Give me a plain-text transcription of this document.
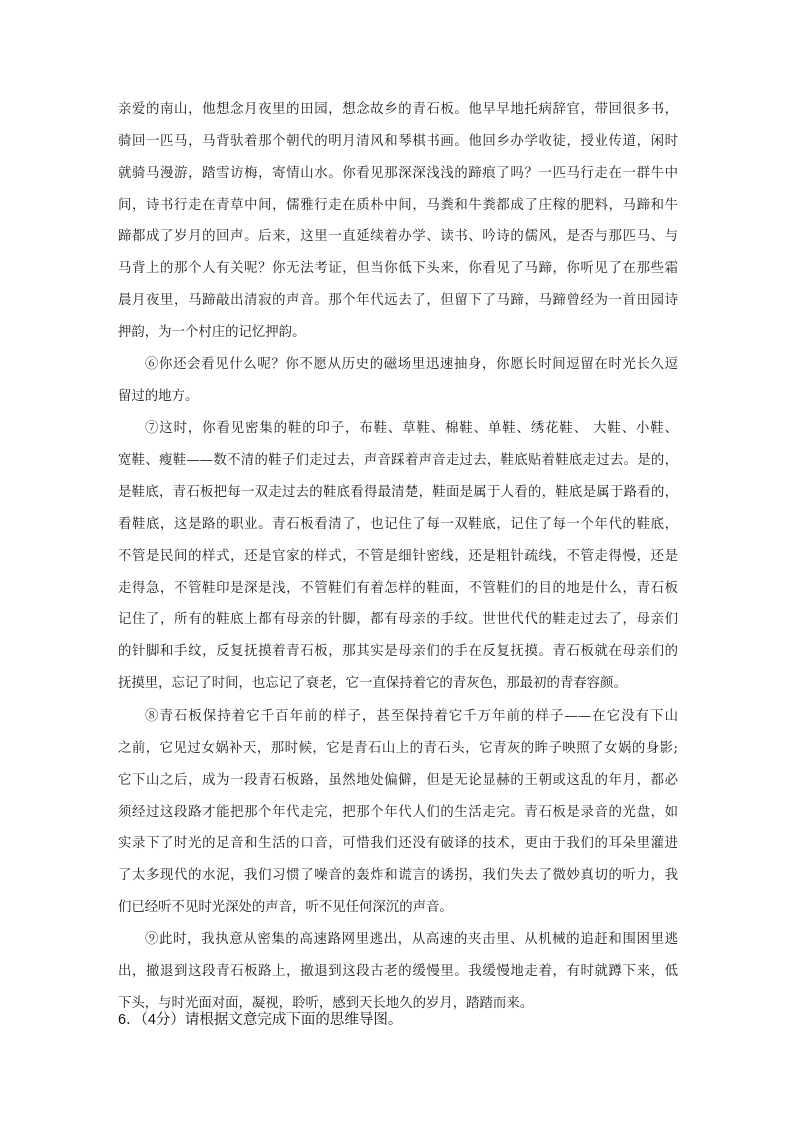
亲爱的南山，他想念月夜里的田园，想念故乡的青石板。他早早地托病辞官，带回很多书，
骑回一匹马，马背驮着那个朝代的明月清风和琴棋书画。他回乡办学收徒，授业传道，闲时
就骑马漫游，踏雪访梅，寄情山水。你看见那深深浅浅的蹄痕了吗？一匹马行走在一群牛中
间，诗书行走在青草中间，儒雅行走在质朴中间，马粪和牛粪都成了庄稼的肥料，马蹄和牛
蹄都成了岁月的回声。后来，这里一直延续着办学、读书、吟诗的儒风，是否与那匹马、与
马背上的那个人有关呢？你无法考证，但当你低下头来，你看见了马蹄，你听见了在那些霜
晨月夜里，马蹄敲出清寂的声音。那个年代远去了，但留下了马蹄，马蹄曾经为一首田园诗
押韵，为一个村庄的记忆押韵。
⑥你还会看见什么呢？你不愿从历史的磁场里迅速抽身，你愿长时间逗留在时光长久逗
留过的地方。
⑦这时，你看见密集的鞋的印子，布鞋、草鞋、棉鞋、单鞋、绣花鞋、 大鞋、小鞋、
宽鞋、瘦鞋——数不清的鞋子们走过去，声音踩着声音走过去，鞋底贴着鞋底走过去。是的，
是鞋底，青石板把每一双走过去的鞋底看得最清楚，鞋面是属于人看的，鞋底是属于路看的，
看鞋底，这是路的职业。青石板看清了，也记住了每一双鞋底，记住了每一个年代的鞋底，
不管是民间的样式，还是官家的样式，不管是细针密线，还是粗针疏线，不管走得慢，还是
走得急，不管鞋印是深是浅，不管鞋们有着怎样的鞋面，不管鞋们的目的地是什么，青石板
记住了，所有的鞋底上都有母亲的针脚，都有母亲的手纹。世世代代的鞋走过去了，母亲们
的针脚和手纹，反复抚摸着青石板，那其实是母亲们的手在反复抚摸。青石板就在母亲们的
抚摸里，忘记了时间，也忘记了衰老，它一直保持着它的青灰色，那最初的青春容颜。
⑧青石板保持着它千百年前的样子，甚至保持着它千万年前的样子——在它没有下山
之前，它见过女娲补天，那时候，它是青石山上的青石头，它青灰的眸子映照了女娲的身影;
它下山之后，成为一段青石板路，虽然地处偏僻，但是无论显赫的王朝或这乱的年月，都必
须经过这段路才能把那个年代走完，把那个年代人们的生活走完。青石板是录音的光盘，如
实录下了时光的足音和生活的口音，可惜我们还没有破译的技术，更由于我们的耳朵里灌进
了太多现代的水泥，我们习惯了噪音的轰炸和谎言的诱拐，我们失去了微妙真切的听力，我
们已经听不见时光深处的声音，听不见任何深沉的声音。
⑨此时，我执意从密集的高速路网里逃出，从高速的夹击里、从机械的追赶和围困里逃
出，撤退到这段青石板路上，撤退到这段古老的缓慢里。我缓慢地走着，有时就蹲下来，低
下头，与时光面对面，凝视，聆听，感到天长地久的岁月，踏踏而来。
6．（4分）请根据文意完成下面的思维导图。
